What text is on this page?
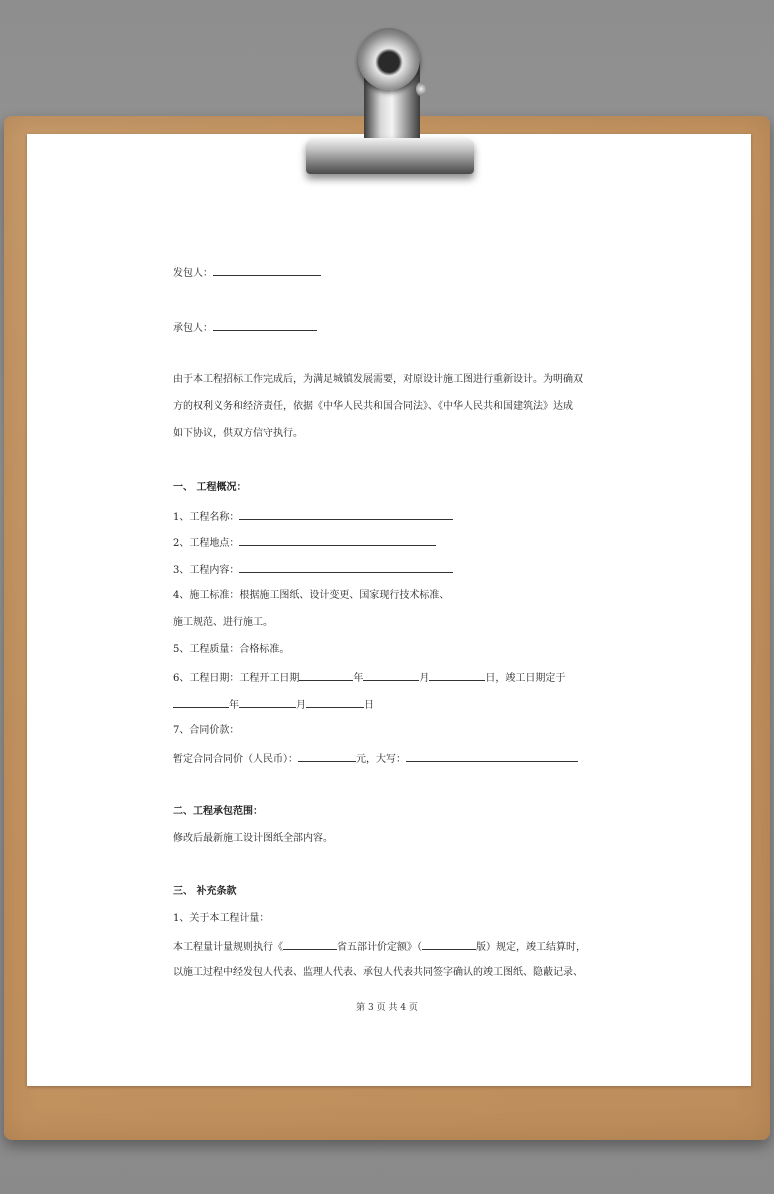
发包人：
承包人：
由于本工程招标工作完成后，为满足城镇发展需要，对原设计施工图进行重新设计。为明确双
方的权利义务和经济责任，依据《中华人民共和国合同法》、《中华人民共和国建筑法》达成
如下协议，供双方信守执行。
一、 工程概况：
1、工程名称：
2、工程地点：
3、工程内容：
4、施工标准：根据施工图纸、设计变更、国家现行技术标准、
施工规范、进行施工。
5、工程质量：合格标准。
6、工程日期：工程开工日期	年	月	日，竣工日期定于
年	月	日
7、合同价款：
暂定合同合同价（人民币）：	元，大写：
二、工程承包范围：
修改后最新施工设计图纸全部内容。
三、 补充条款
1、关于本工程计量：
本工程量计量规则执行《	省五部计价定额》（	版）规定，竣工结算时，
以施工过程中经发包人代表、监理人代表、承包人代表共同签字确认的竣工图纸、隐蔽记录、
第 3 页 共 4 页
